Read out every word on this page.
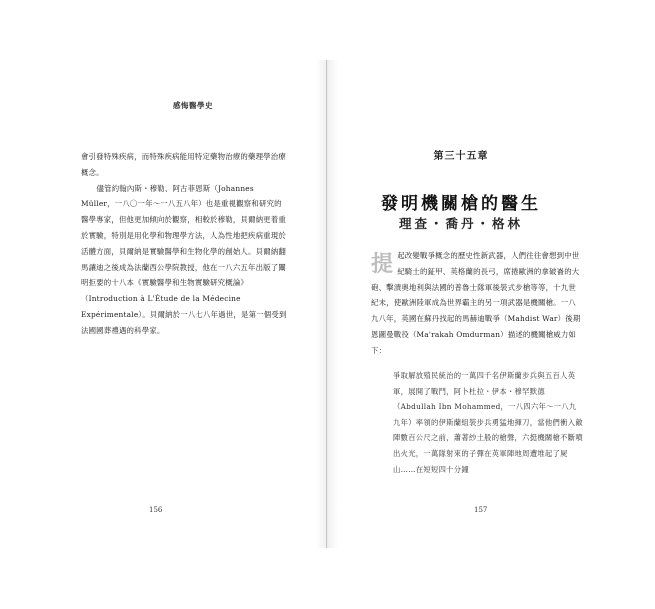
感悔醫學史

會引發特殊疾病，而特殊疾病能用特定藥物治療的藥理學治療概念。

儘管約翰內斯・穆勒、阿古菲恩斯（Johannes Müller，一八〇一年～一八五八年）也是重視觀察和研究的醫學專家，但他更加傾向於觀察，相較於穆勒，貝爾納更着重於實驗，特別是用化學和物理學方法，人為性地把疾病重現於活體方面，貝爾納是實驗醫學和生物化學的創始人。貝爾納翻馬讓迪之後成為法蘭西公學院教授，他在一八六五年出版了闡明拒要的十八本《實驗醫學和生物實驗研究概論》（Introduction à L'Étude de la Médecine Expérimentale）。貝爾納於一八七八年過世，是第一個受到法國國葬禮遇的科學家。

156
第三十五章
發明機關槍的醫生
理查・喬丹・格林
提 起改變戰爭概念的歷史性新武器，人們往往會想到中世紀騎士的鉦甲、英格蘭的長弓，席捲歐洲的拿破崙的大砲、擊潰奧地利與法國的普魯士隊軍後裝式步槍等等，十九世紀末，使歐洲陸軍成為世界霸主的另一項武器是機關槍。一八九八年，英國在蘇丹找起的馬赫迪戰爭（Mahdist War）後期恩圖曼戰役（Ma'rakah Omdurman）描述的機關槍威力如下：

爭取解放殖民統治的一萬四千名伊斯蘭步兵與五百人英軍，展開了戰鬥，阿卜杜拉・伊本・穆罕默德（Abdullah Ibn Mohammed，一八四六年～一八九九年）率領的伊斯蘭組裝步兵勇猛地揮刀，當他們衝入敵陣數百公尺之前，蕭著紗土般的槍聲，六挺機關槍不斷噴出火光，一萬隊射來的子彈在英軍陣地周遭堆起了屍山……在短短四十分鐘

157
